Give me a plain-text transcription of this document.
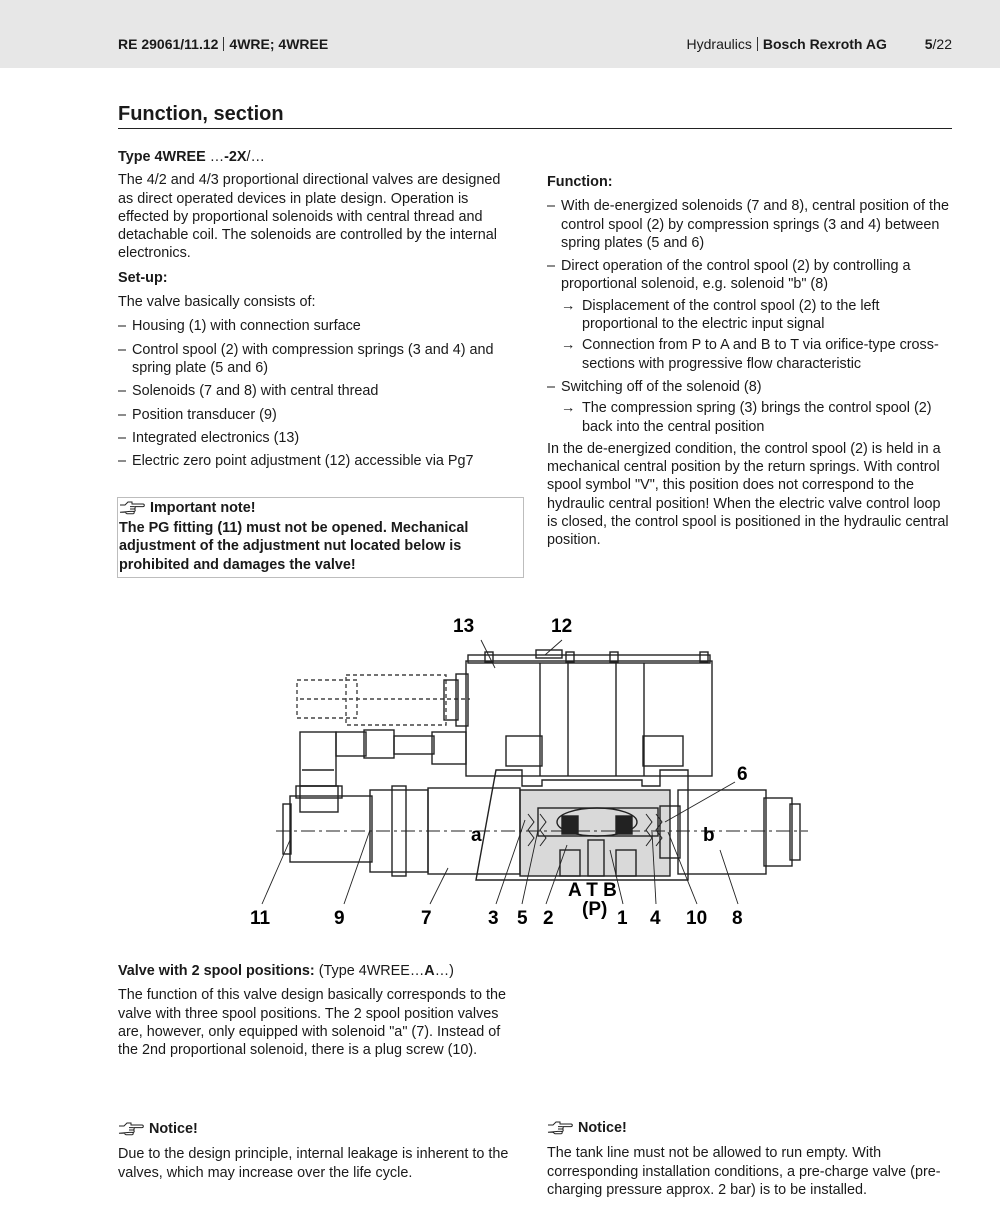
RE 29061/11.12 4WRE; 4WREE	Hydraulics Bosch Rexroth AG	5/22
Function, section
Type 4WREE …-2X/…

The 4/2 and 4/3 proportional directional valves are designed as direct operated devices in plate design. Operation is effected by proportional solenoids with central thread and detachable coil. The solenoids are controlled by the internal electronics.

Set-up:

The valve basically consists of:

– Housing (1) with connection surface
– Control spool (2) with compression springs (3 and 4) and spring plate (5 and 6)
– Solenoids (7 and 8) with central thread
– Position transducer (9)
– Integrated electronics (13)
– Electric zero point adjustment (12) accessible via Pg7
Important note!
The PG fitting (11) must not be opened. Mechanical adjustment of the adjustment nut located below is prohibited and damages the valve!
Function:
– With de-energized solenoids (7 and 8), central position of the control spool (2) by compression springs (3 and 4) between spring plates (5 and 6)
– Direct operation of the control spool (2) by controlling a proportional solenoid, e.g. solenoid "b" (8)
→ Displacement of the control spool (2) to the left proportional to the electric input signal
→ Connection from P to A and B to T via orifice-type cross-sections with progressive flow characteristic
– Switching off of the solenoid (8)
→ The compression spring (3) brings the control spool (2) back into the central position

In the de-energized condition, the control spool (2) is held in a mechanical central position by the return springs. With control spool symbol "V", this position does not correspond to the hydraulic central position! When the electric valve control loop is closed, the control spool is positioned in the hydraulic central position.

13	12
6
a	b
A T B
(P)
11	9	7	3 5 2	1 4 10 8
Valve with 2 spool positions: (Type 4WREE…A…)

The function of this valve design basically corresponds to the valve with three spool positions. The 2 spool position valves are, however, only equipped with solenoid "a" (7). Instead of the 2nd proportional solenoid, there is a plug screw (10).

Notice!

Due to the design principle, internal leakage is inherent to the valves, which may increase over the life cycle.

Notice!

The tank line must not be allowed to run empty. With corresponding installation conditions, a pre-charge valve (pre-charging pressure approx. 2 bar) is to be installed.
